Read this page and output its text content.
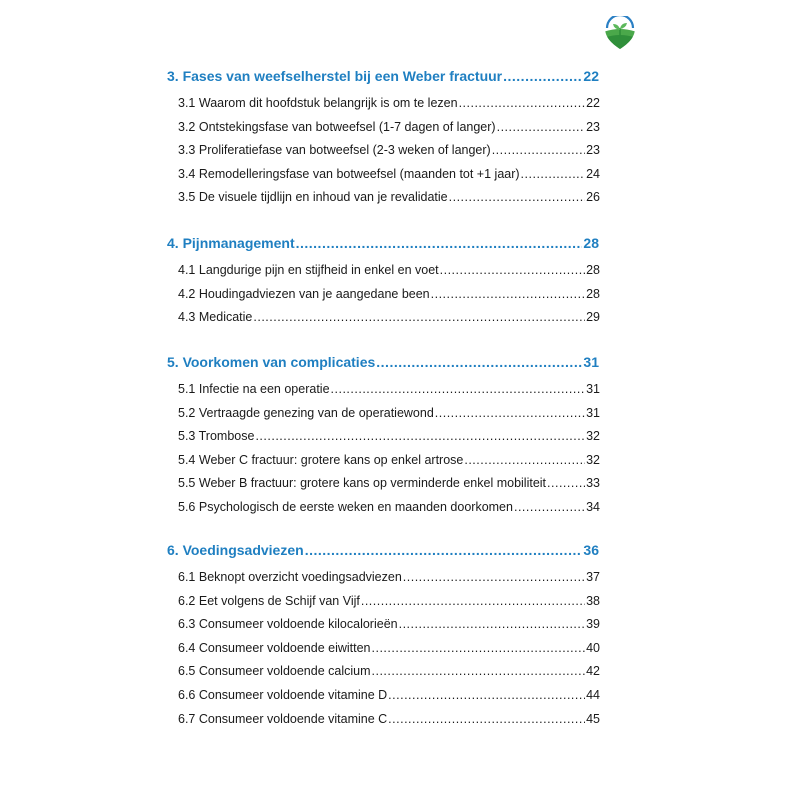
3. Fases van weefselherstel bij een Weber fractuur .....	22
3.1 Waarom dit hoofdstuk belangrijk is om te lezen .....	22
3.2 Ontstekingsfase van botweefsel (1-7 dagen of langer) .....	23
3.3 Proliferatiefase van botweefsel (2-3 weken of langer) .....	23
3.4 Remodelleringsfase van botweefsel (maanden tot +1 jaar) .....	24
3.5 De visuele tijdlijn en inhoud van je revalidatie .....	26
4. Pijnmanagement .....	28
4.1 Langdurige pijn en stijfheid in enkel en voet .....	28
4.2 Houdingadviezen van je aangedane been .....	28
4.3 Medicatie .....	29
5. Voorkomen van complicaties .....	31
5.1 Infectie na een operatie .....	31
5.2 Vertraagde genezing van de operatiewond .....	31
5.3 Trombose .....	32
5.4 Weber C fractuur: grotere kans op enkel artrose .....	32
5.5 Weber B fractuur: grotere kans op verminderde enkel mobiliteit .....	33
5.6 Psychologisch de eerste weken en maanden doorkomen .....	34
6. Voedingsadviezen .....	36
6.1 Beknopt overzicht voedingsadviezen .....	37
6.2 Eet volgens de Schijf van Vijf .....	38
6.3 Consumeer voldoende kilocalorieën .....	39
6.4 Consumeer voldoende eiwitten .....	40
6.5 Consumeer voldoende calcium .....	42
6.6 Consumeer voldoende vitamine D .....	44
6.7 Consumeer voldoende vitamine C .....	45
